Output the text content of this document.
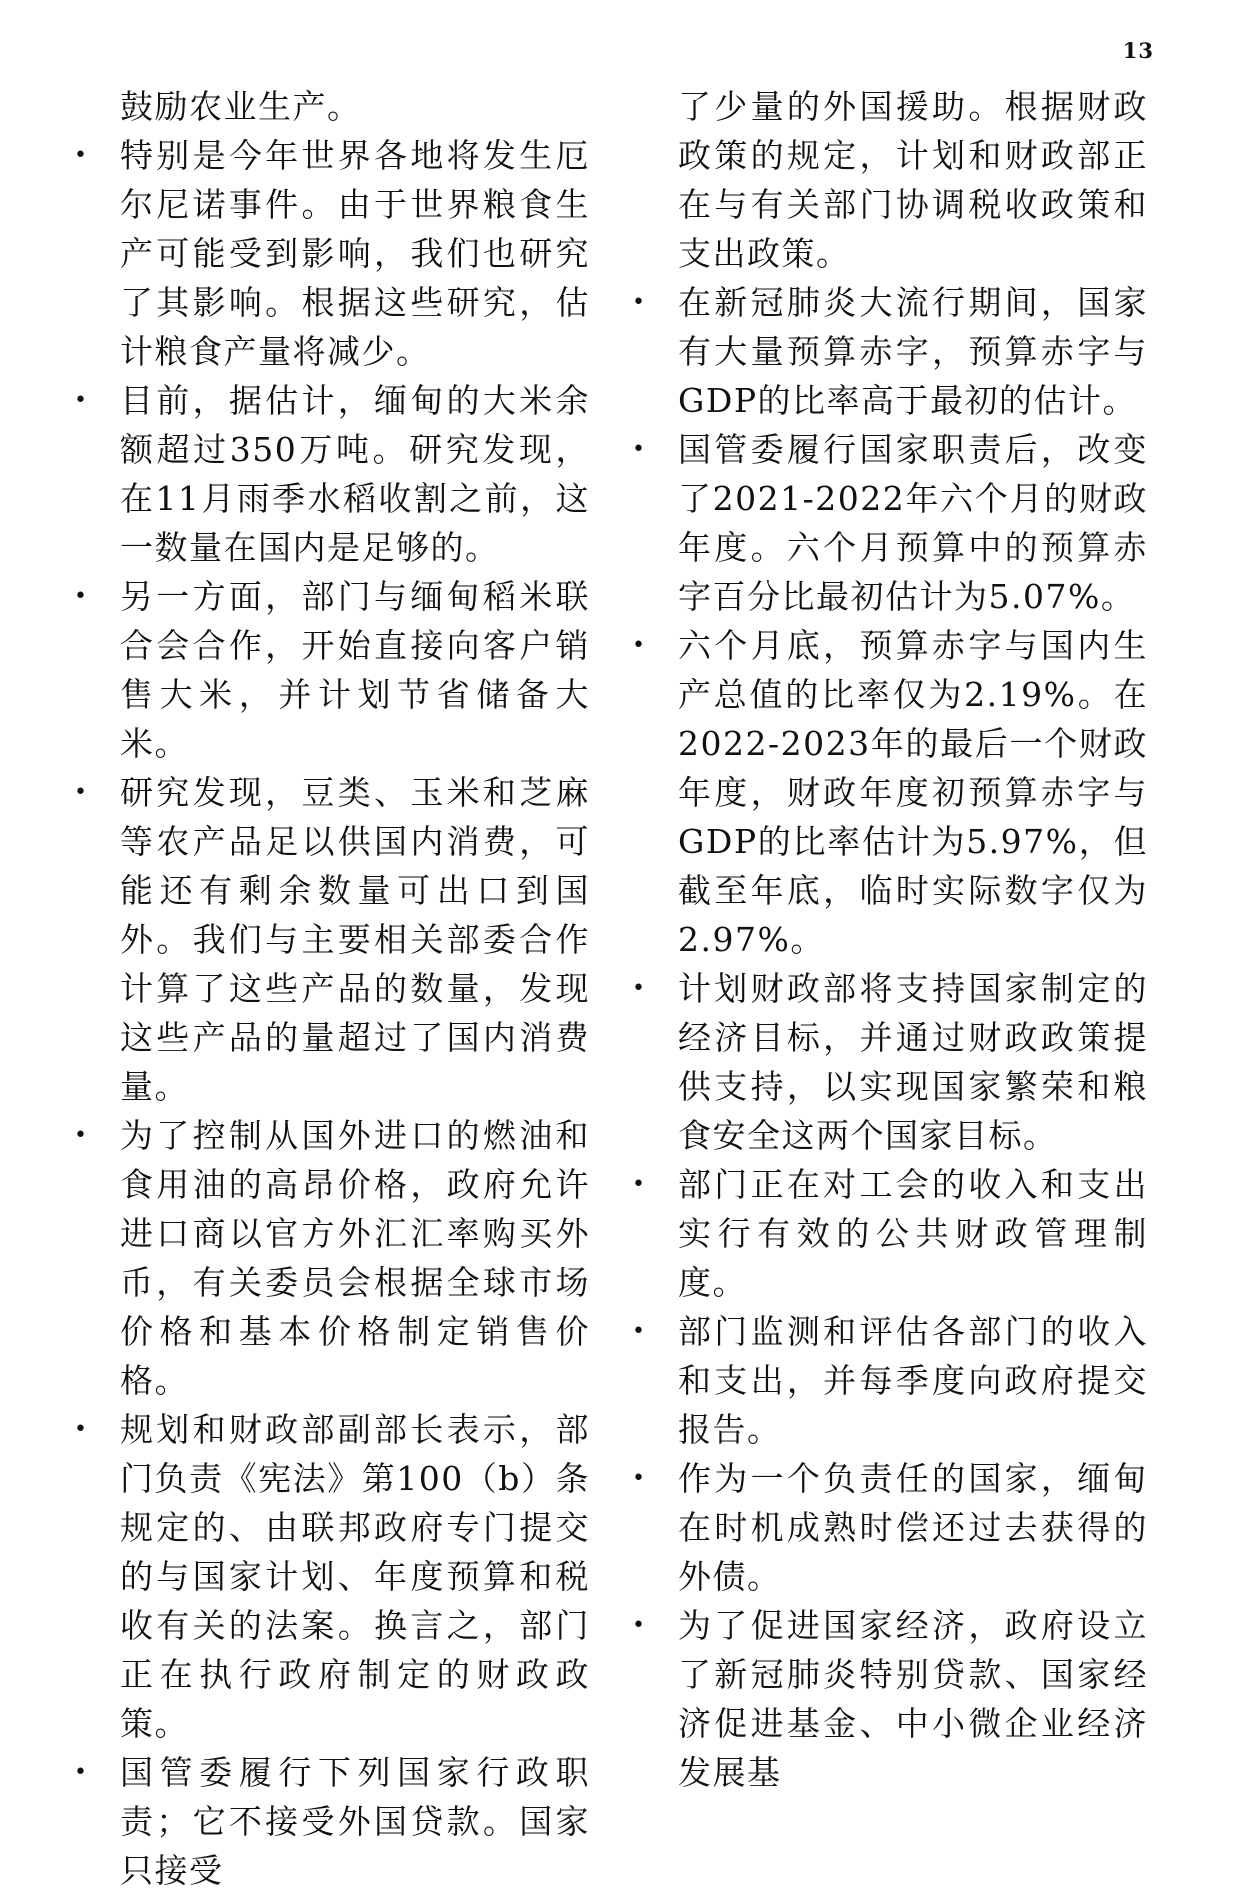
13
鼓励农业生产。
• 特别是今年世界各地将发生厄尔尼诺事件。由于世界粮食生产可能受到影响，我们也研究了其影响。根据这些研究，估计粮食产量将减少。
• 目前，据估计，缅甸的大米余额超过350万吨。研究发现，在11月雨季水稻收割之前，这一数量在国内是足够的。
• 另一方面，部门与缅甸稻米联合会合作，开始直接向客户销售大米，并计划节省储备大米。
• 研究发现，豆类、玉米和芝麻等农产品足以供国内消费，可能还有剩余数量可出口到国外。我们与主要相关部委合作计算了这些产品的数量，发现这些产品的量超过了国内消费量。
• 为了控制从国外进口的燃油和食用油的高昂价格，政府允许进口商以官方外汇汇率购买外币，有关委员会根据全球市场价格和基本价格制定销售价格。
• 规划和财政部副部长表示，部门负责《宪法》第100（b）条规定的、由联邦政府专门提交的与国家计划、年度预算和税收有关的法案。换言之，部门正在执行政府制定的财政政策。
• 国管委履行下列国家行政职责；它不接受外国贷款。国家只接受
了少量的外国援助。根据财政政策的规定，计划和财政部正在与有关部门协调税收政策和支出政策。
• 在新冠肺炎大流行期间，国家有大量预算赤字，预算赤字与GDP的比率高于最初的估计。
• 国管委履行国家职责后，改变了2021-2022年六个月的财政年度。六个月预算中的预算赤字百分比最初估计为5.07%。
• 六个月底，预算赤字与国内生产总值的比率仅为2.19%。在2022-2023年的最后一个财政年度，财政年度初预算赤字与GDP的比率估计为5.97%，但截至年底，临时实际数字仅为2.97%。
• 计划财政部将支持国家制定的经济目标，并通过财政政策提供支持，以实现国家繁荣和粮食安全这两个国家目标。
• 部门正在对工会的收入和支出实行有效的公共财政管理制度。
• 部门监测和评估各部门的收入和支出，并每季度向政府提交报告。
• 作为一个负责任的国家，缅甸在时机成熟时偿还过去获得的外债。
• 为了促进国家经济，政府设立了新冠肺炎特别贷款、国家经济促进基金、中小微企业经济发展基
